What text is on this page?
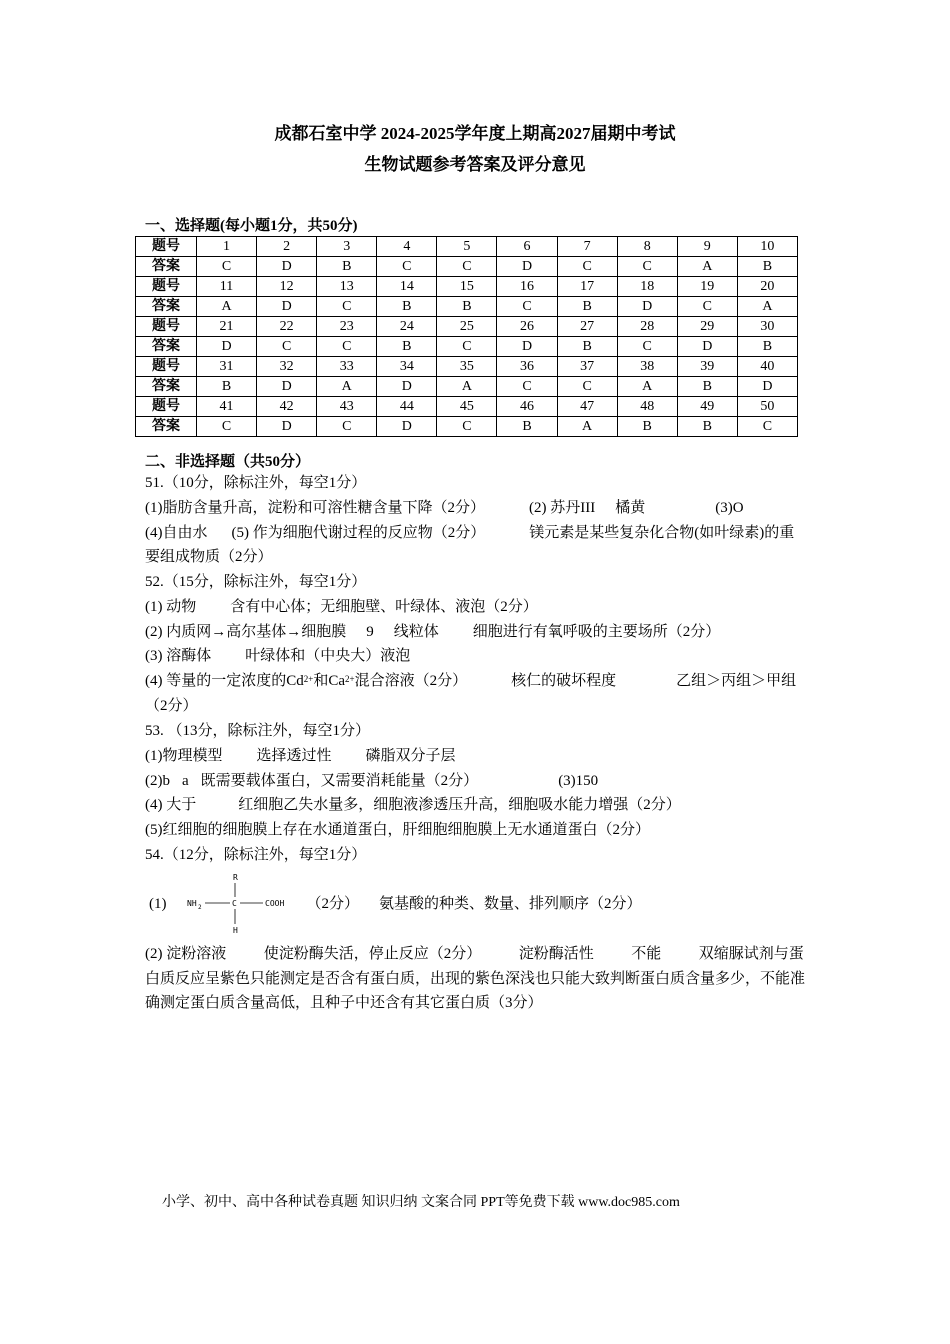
成都石室中学 2024-2025学年度上期高2027届期中考试
生物试题参考答案及评分意见
一、选择题(每小题1分，共50分)
题号	1	2	3	4	5	6	7	8	9	10
答案	C	D	B	C	C	D	C	C	A	B
题号	11	12	13	14	15	16	17	18	19	20
答案	A	D	C	B	B	C	B	D	C	A
题号	21	22	23	24	25	26	27	28	29	30
答案	D	C	C	B	C	D	B	C	D	B
题号	31	32	33	34	35	36	37	38	39	40
答案	B	D	A	D	A	C	C	A	B	D
题号	41	42	43	44	45	46	47	48	49	50
答案	C	D	C	D	C	B	A	B	B	C
二、非选择题（共50分）
51.（10分，除标注外，每空1分）
(1)脂肪含量升高，淀粉和可溶性糖含量下降（2分）	(2) 苏丹III 橘黄	(3)O
(4)自由水 (5) 作为细胞代谢过程的反应物（2分）	镁元素是某些复杂化合物(如叶绿素)的重要组成物质（2分）
52.（15分，除标注外，每空1分）
(1) 动物 含有中心体；无细胞壁、叶绿体、液泡（2分）
(2) 内质网→高尔基体→细胞膜 9 线粒体 细胞进行有氧呼吸的主要场所（2分）
(3) 溶酶体 叶绿体和（中央大）液泡
(4) 等量的一定浓度的$Cd^{2+}$和$Ca^{2+}$混合溶液（2分）	核仁的破坏程度	乙组＞丙组＞甲组（2分）
53. （13分，除标注外，每空1分）
(1)物理模型 选择透过性 磷脂双分子层
(2)b a 既需要载体蛋白，又需要消耗能量（2分）	(3)150
(4) 大于	红细胞乙失水量多，细胞液渗透压升高，细胞吸水能力增强（2分）
(5)红细胞的细胞膜上存在水通道蛋白，肝细胞细胞膜上无水通道蛋白（2分）
54.（12分，除标注外，每空1分）
(1)
R
NH 2	C	COOH
H
（2分） 氨基酸的种类、数量、排列顺序（2分）
(2) 淀粉溶液          使淀粉酶失活，停止反应（2分）          淀粉酶活性          不能          双缩脲试剂与蛋白质反应呈紫色只能测定是否含有蛋白质，出现的紫色深浅也只能大致判断蛋白质含量多少，不能准确测定蛋白质含量高低，且种子中还含有其它蛋白质（3分）
小学、初中、高中各种试卷真题 知识归纳 文案合同 PPT等免费下载 www.doc985.com
